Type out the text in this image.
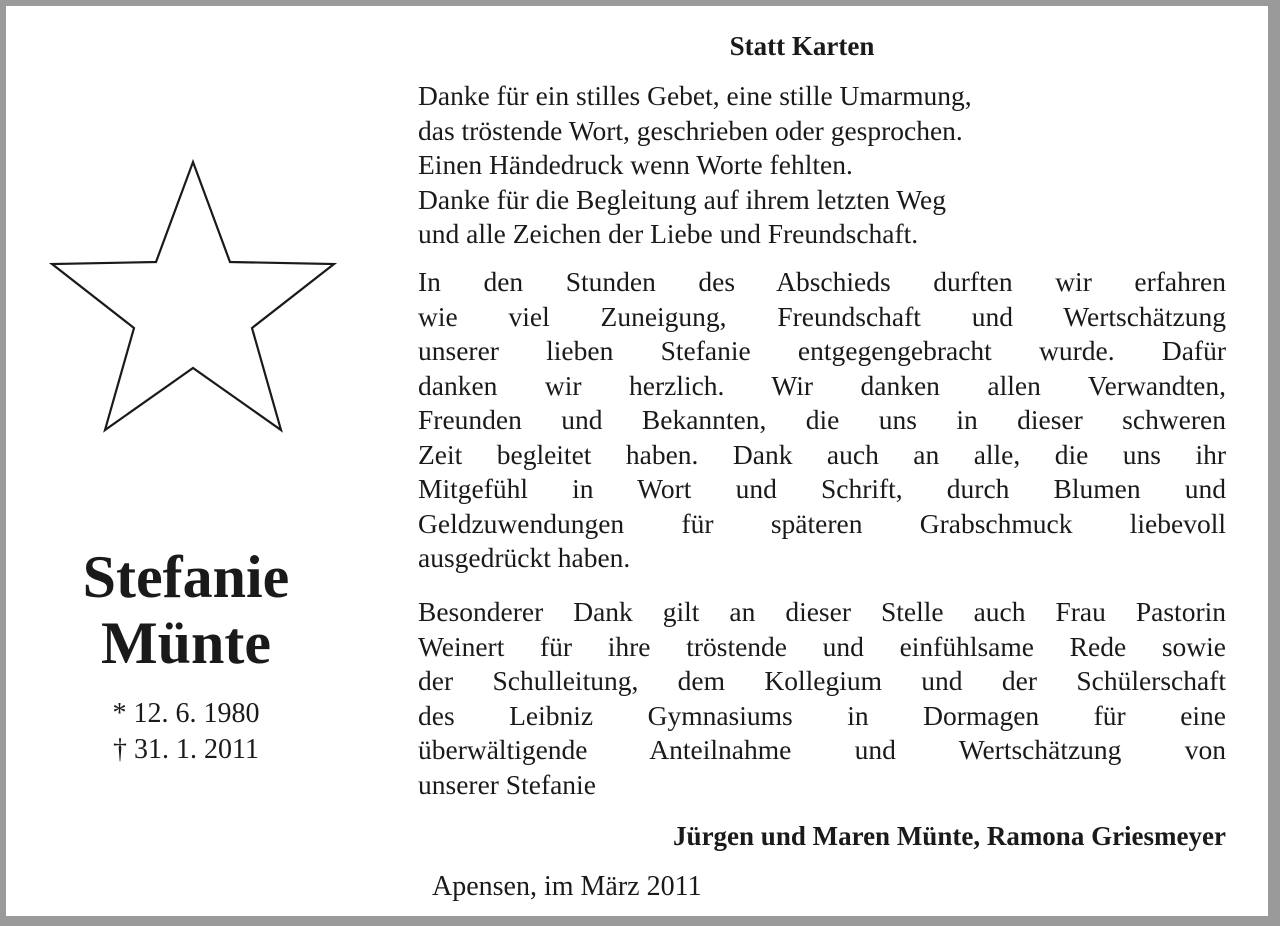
Stefanie
Münte
* 12. 6. 1980
† 31. 1. 2011
Statt Karten
Danke für ein stilles Gebet, eine stille Umarmung,
das tröstende Wort, geschrieben oder gesprochen.
Einen Händedruck wenn Worte fehlten.
Danke für die Begleitung auf ihrem letzten Weg
und alle Zeichen der Liebe und Freundschaft.
In den Stunden des Abschieds durften wir erfahren
wie viel Zuneigung, Freundschaft und Wertschätzung
unserer lieben Stefanie entgegengebracht wurde. Dafür
danken wir herzlich. Wir danken allen Verwandten,
Freunden und Bekannten, die uns in dieser schweren
Zeit begleitet haben. Dank auch an alle, die uns ihr
Mitgefühl in Wort und Schrift, durch Blumen und
Geldzuwendungen für späteren Grabschmuck liebevoll
ausgedrückt haben.
Besonderer Dank gilt an dieser Stelle auch Frau Pastorin
Weinert für ihre tröstende und einfühlsame Rede sowie
der Schulleitung, dem Kollegium und der Schülerschaft
des Leibniz Gymnasiums in Dormagen für eine
überwältigende Anteilnahme und Wertschätzung von
unserer Stefanie
Jürgen und Maren Münte, Ramona Griesmeyer
Apensen, im März 2011
